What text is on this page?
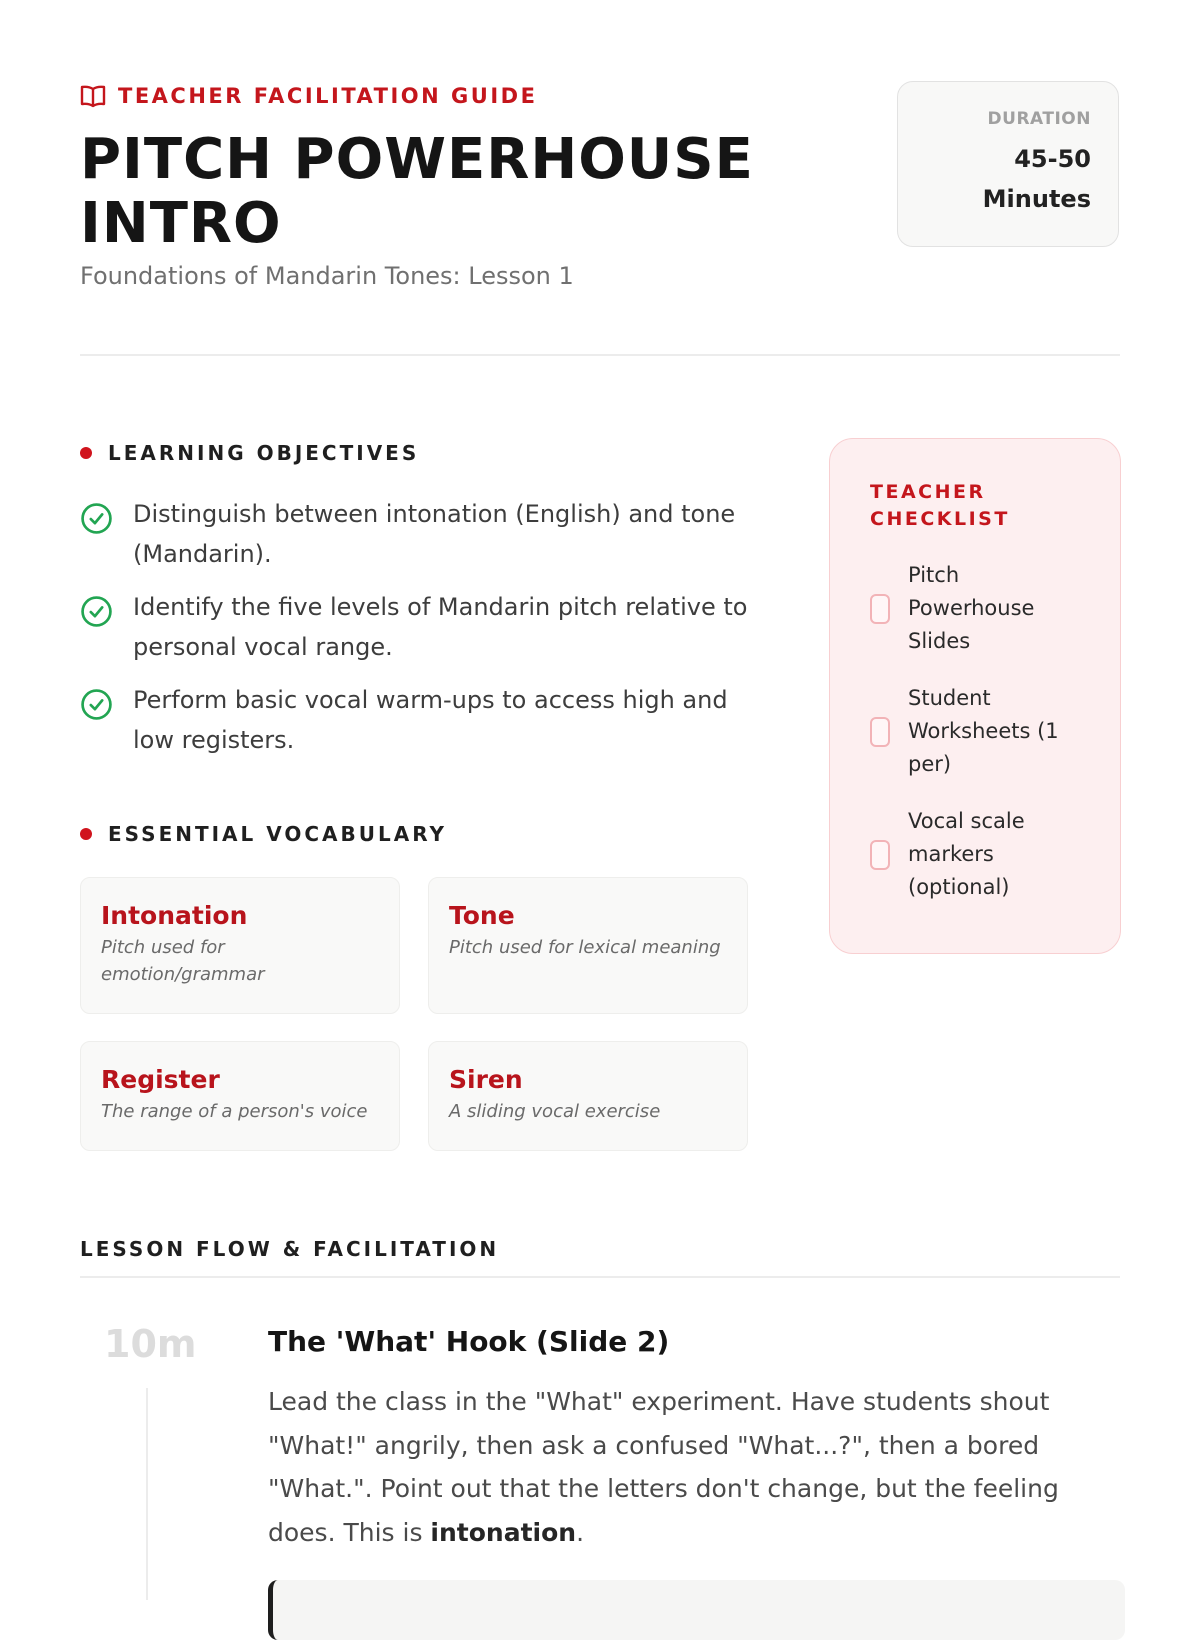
TEACHER FACILITATION GUIDE
PITCH POWERHOUSE
INTRO
Foundations of Mandarin Tones: Lesson 1
DURATION
45-50
Minutes
LEARNING OBJECTIVES
Distinguish between intonation (English) and tone (Mandarin).
Identify the five levels of Mandarin pitch relative to personal vocal range.
Perform basic vocal warm-ups to access high and low registers.
ESSENTIAL VOCABULARY
Intonation
Pitch used for emotion/grammar
Tone
Pitch used for lexical meaning
Register
The range of a person's voice
Siren
A sliding vocal exercise
TEACHER CHECKLIST
Pitch Powerhouse Slides
Student Worksheets (1 per)
Vocal scale markers (optional)
LESSON FLOW & FACILITATION
10m	The 'What' Hook (Slide 2)
Lead the class in the "What" experiment. Have students shout "What!" angrily, then ask a confused "What...?", then a bored "What.". Point out that the letters don't change, but the feeling does. This is intonation.
